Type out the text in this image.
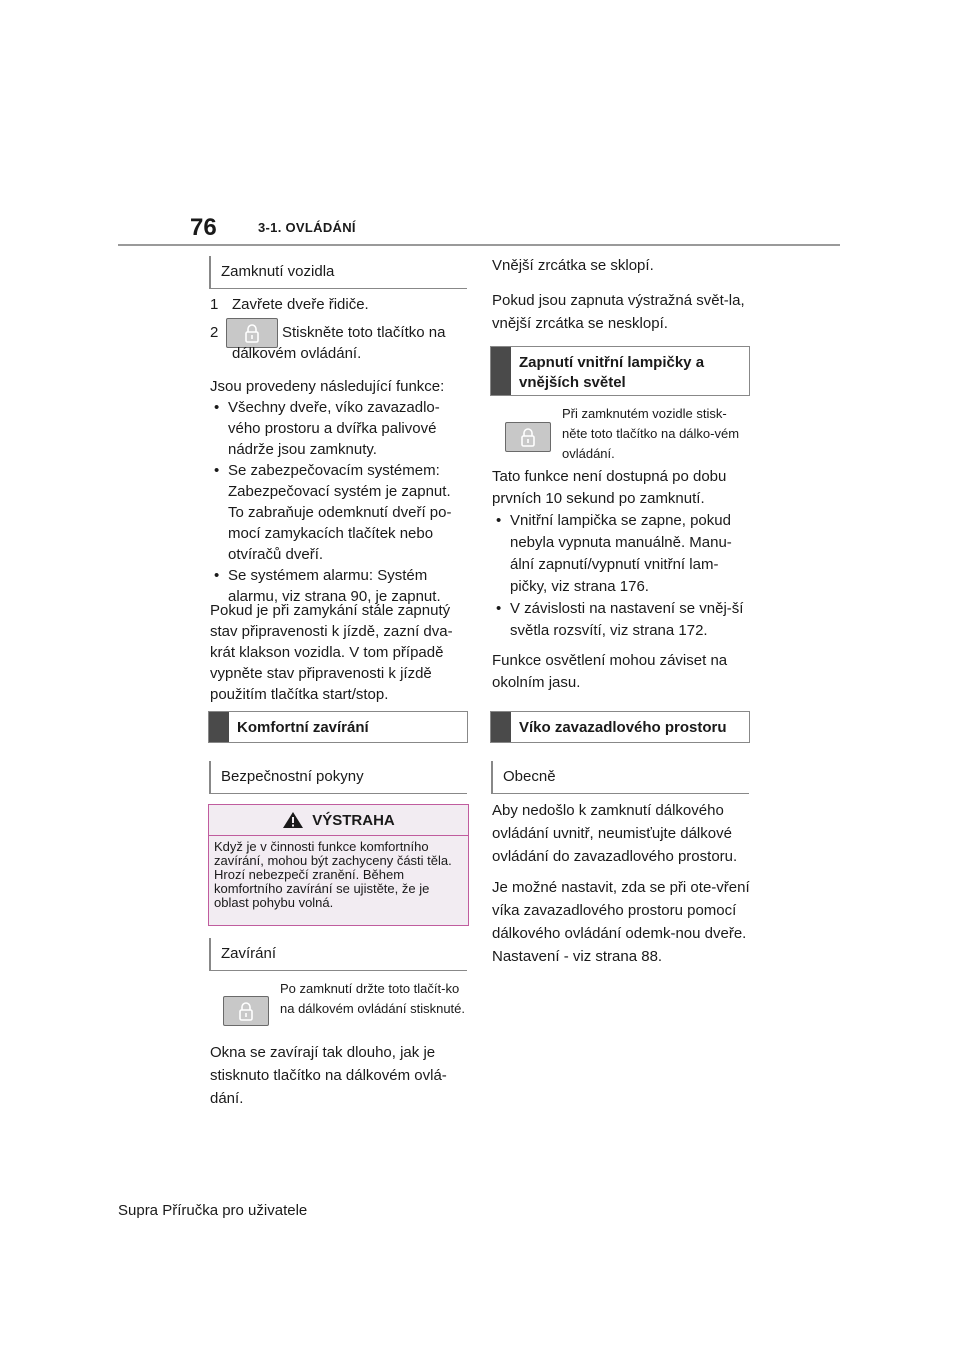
76	3-1. OVLÁDÁNÍ
Zamknutí vozidla

1 Zavřete dveře řidiče.

2	Stiskněte toto tlačítko na dálkovém ovládání.

Jsou provedeny následující funkce:

• Všechny dveře, víko zavazadlo-vého prostoru a dvířka palivové nádrže jsou zamknuty.
• Se zabezpečovacím systémem: Zabezpečovací systém je zapnut. To zabraňuje odemknutí dveří po-mocí zamykacích tlačítek nebo otvíračů dveří.
• Se systémem alarmu: Systém alarmu, viz strana 90, je zapnut.
Pokud je při zamykání stále zapnutý stav připravenosti k jízdě, zazní dva-krát klakson vozidla. V tom případě vypněte stav připravenosti k jízdě použitím tlačítka start/stop.
Komfortní zavírání
Bezpečnostní pokyny
VÝSTRAHA
Když je v činnosti funkce komfortního zavírání, mohou být zachyceny části těla. Hrozí nebezpečí zranění. Během komfortního zavírání se ujistěte, že je oblast pohybu volná.
Zavírání
Po zamknutí držte toto tlačít-ko na dálkovém ovládání stisknuté.
Okna se zavírají tak dlouho, jak je stisknuto tlačítko na dálkovém ovlá-dání.

Vnější zrcátka se sklopí.

Pokud jsou zapnuta výstražná svět-la, vnější zrcátka se nesklopí.

Zapnutí vnitřní lampičky a vnějších světel
Při zamknutém vozidle stisk-něte toto tlačítko na dálko-vém ovládání.

Tato funkce není dostupná po dobu prvních 10 sekund po zamknutí.

• Vnitřní lampička se zapne, pokud nebyla vypnuta manuálně. Manu-ální zapnutí/vypnutí vnitřní lam-pičky, viz strana 176.
• V závislosti na nastavení se vněj-ší světla rozsvítí, viz strana 172.

Funkce osvětlení mohou záviset na okolním jasu.

Víko zavazadlového prostoru
Obecně

Aby nedošlo k zamknutí dálkového ovládání uvnitř, neumisťujte dálkové ovládání do zavazadlového prostoru.

Je možné nastavit, zda se při ote-vření víka zavazadlového prostoru pomocí dálkového ovládání odemk-nou dveře. Nastavení - viz strana 88.

Supra Příručka pro uživatele
